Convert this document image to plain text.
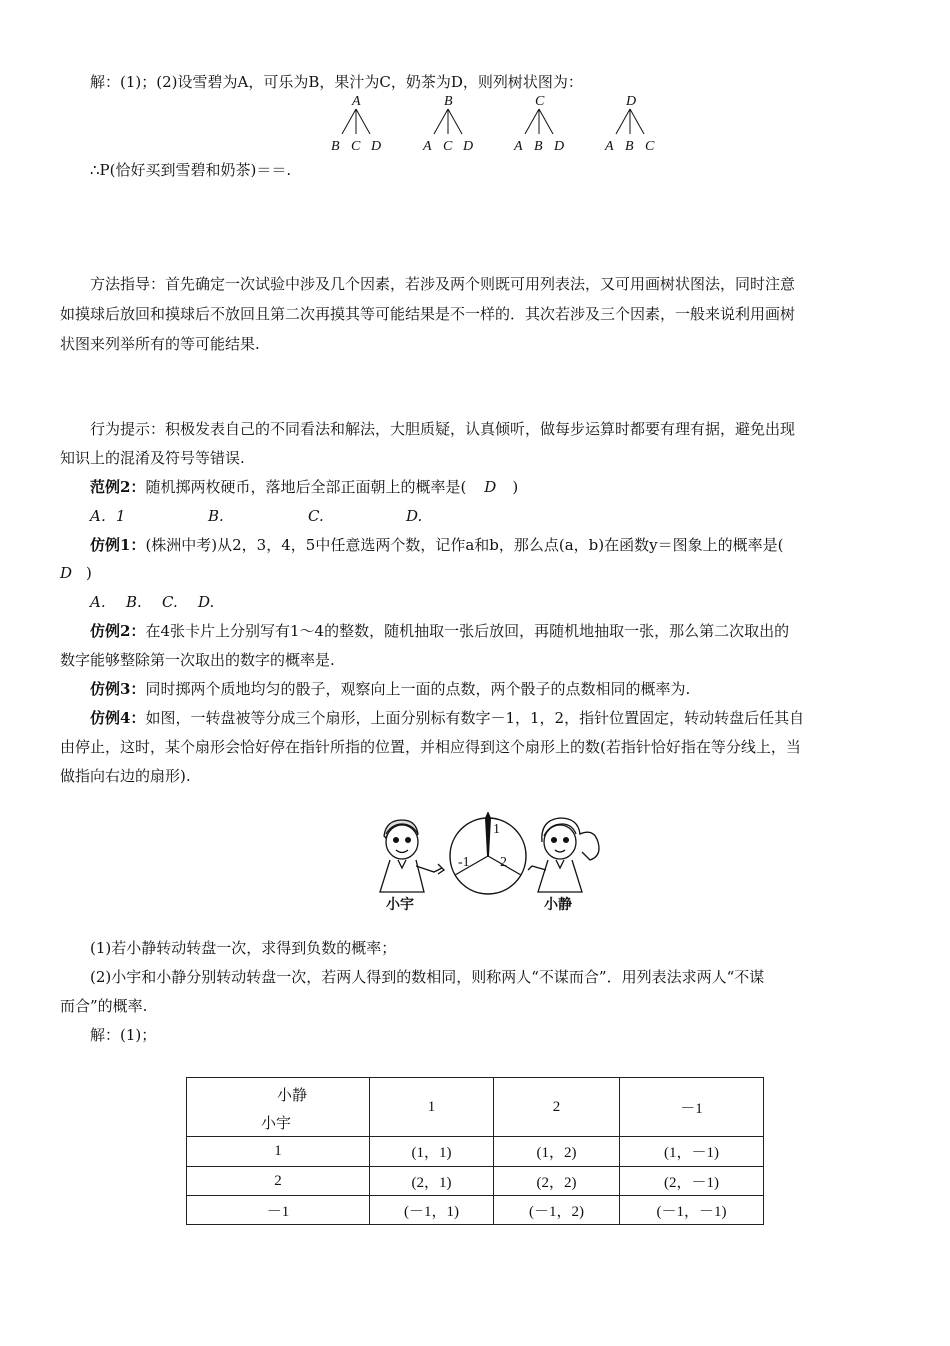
解：(1)；(2)设雪碧为A，可乐为B，果汁为C，奶茶为D，则列树状图为：
A
B C D
B
A C D
C
A B D
D
A B C
∴P(恰好买到雪碧和奶茶)＝＝.
方法指导：首先确定一次试验中涉及几个因素，若涉及两个则既可用列表法，又可用画树状图法，同时注意
如摸球后放回和摸球后不放回且第二次再摸其等可能结果是不一样的．其次若涉及三个因素，一般来说利用画树
状图来列举所有的等可能结果.
行为提示：积极发表自己的不同看法和解法，大胆质疑，认真倾听，做每步运算时都要有理有据，避免出现
知识上的混淆及符号等错误.
范例2：随机掷两枚硬币，落地后全部正面朝上的概率是( D )
A．1	B.	C.	D.
仿例1：(株洲中考)从2，3，4，5中任意选两个数，记作a和b，那么点(a，b)在函数y＝图象上的概率是(
D )
A. B. C. D.
仿例2：在4张卡片上分别写有1～4的整数，随机抽取一张后放回，再随机地抽取一张，那么第二次取出的
数字能够整除第一次取出的数字的概率是.
仿例3：同时掷两个质地均匀的骰子，观察向上一面的点数，两个骰子的点数相同的概率为.
仿例4：如图，一转盘被等分成三个扇形，上面分别标有数字－1，1，2，指针位置固定，转动转盘后任其自
由停止，这时，某个扇形会恰好停在指针所指的位置，并相应得到这个扇形上的数(若指针恰好指在等分线上，当
做指向右边的扇形).
1
-1 2
小宇	小静
(1)若小静转动转盘一次，求得到负数的概率；
(2)小宇和小静分别转动转盘一次，若两人得到的数相同，则称两人“不谋而合”．用列表法求两人“不谋
而合”的概率.
解：(1)；
小静
小宇	1	2	－1
1	(1，1)	(1，2)	(1，－1)
2	(2，1)	(2，2)	(2，－1)
－1	(－1，1)	(－1，2)	(－1，－1)
